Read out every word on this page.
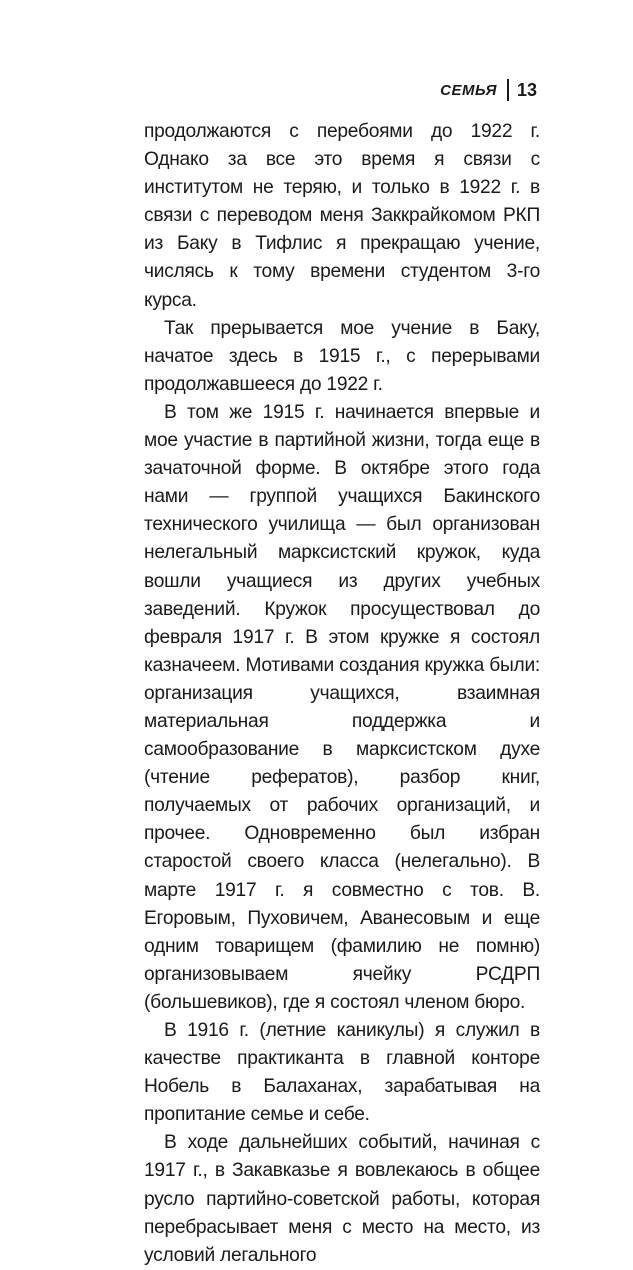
СЕМЬЯ 13

продолжаются с перебоями до 1922 г. Однако за все это время я связи с институтом не теряю, и только в 1922 г. в связи с переводом меня Заккрайкомом РКП из Баку в Тифлис я прекращаю учение, числясь к тому времени студентом 3-го курса.

Так прерывается мое учение в Баку, начатое здесь в 1915 г., с перерывами продолжавшееся до 1922 г.

В том же 1915 г. начинается впервые и мое участие в партийной жизни, тогда еще в зачаточной форме. В октябре этого года нами — группой учащихся Бакинского технического училища — был организован нелегальный марксистский кружок, куда вошли учащиеся из других учебных заведений. Кружок просуществовал до февраля 1917 г. В этом кружке я состоял казначеем. Мотивами создания кружка были: организация учащихся, взаимная материальная поддержка и самообразование в марксистском духе (чтение рефератов), разбор книг, получаемых от рабочих организаций, и прочее. Одновременно был избран старостой своего класса (нелегально). В марте 1917 г. я совместно с тов. В. Егоровым, Пуховичем, Аванесовым и еще одним товарищем (фамилию не помню) организовываем ячейку РСДРП (большевиков), где я состоял членом бюро.

В 1916 г. (летние каникулы) я служил в качестве практиканта в главной конторе Нобель в Балаханах, зарабатывая на пропитание семье и себе.

В ходе дальнейших событий, начиная с 1917 г., в Закавказье я вовлекаюсь в общее русло партийно-советской работы, которая перебрасывает меня с место на место, из условий легального
